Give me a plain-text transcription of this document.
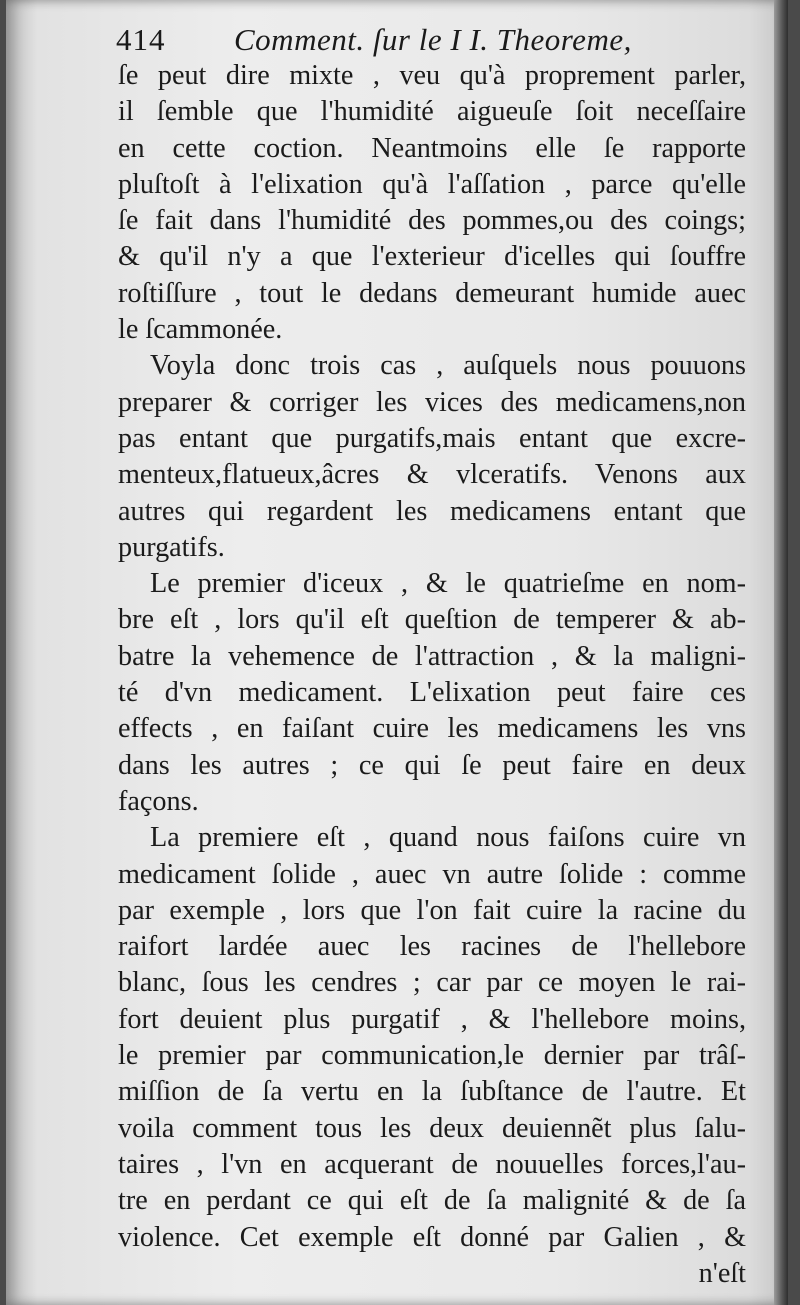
414 Comment. ſur le I I. Theoreme,
ſe peut dire mixte , veu qu'à proprement parler,
il ſemble que l'humidité aigueuſe ſoit neceſſaire
en cette coction. Neantmoins elle ſe rapporte
pluſtoſt à l'elixation qu'à l'aſſation , parce qu'elle
ſe fait dans l'humidité des pommes,ou des coings;
& qu'il n'y a que l'exterieur d'icelles qui ſouffre
roſtiſſure , tout le dedans demeurant humide auec
le ſcammonée.
Voyla donc trois cas , auſquels nous pouuons
preparer & corriger les vices des medicamens,non
pas entant que purgatifs,mais entant que excre-
menteux,flatueux,âcres & vlceratifs. Venons aux
autres qui regardent les medicamens entant que
purgatifs.
Le premier d'iceux , & le quatrieſme en nom-
bre eſt , lors qu'il eſt queſtion de temperer & ab-
batre la vehemence de l'attraction , & la maligni-
té d'vn medicament. L'elixation peut faire ces
effects , en faiſant cuire les medicamens les vns
dans les autres ; ce qui ſe peut faire en deux
façons.
La premiere eſt , quand nous faiſons cuire vn
medicament ſolide , auec vn autre ſolide : comme
par exemple , lors que l'on fait cuire la racine du
raifort lardée auec les racines de l'hellebore
blanc, ſous les cendres ; car par ce moyen le rai-
fort deuient plus purgatif , & l'hellebore moins,
le premier par communication,le dernier par trâſ-
miſſion de ſa vertu en la ſubſtance de l'autre. Et
voila comment tous les deux deuiennẽt plus ſalu-
taires , l'vn en acquerant de nouuelles forces,l'au-
tre en perdant ce qui eſt de ſa malignité & de ſa
violence. Cet exemple eſt donné par Galien , &
n'eſt
